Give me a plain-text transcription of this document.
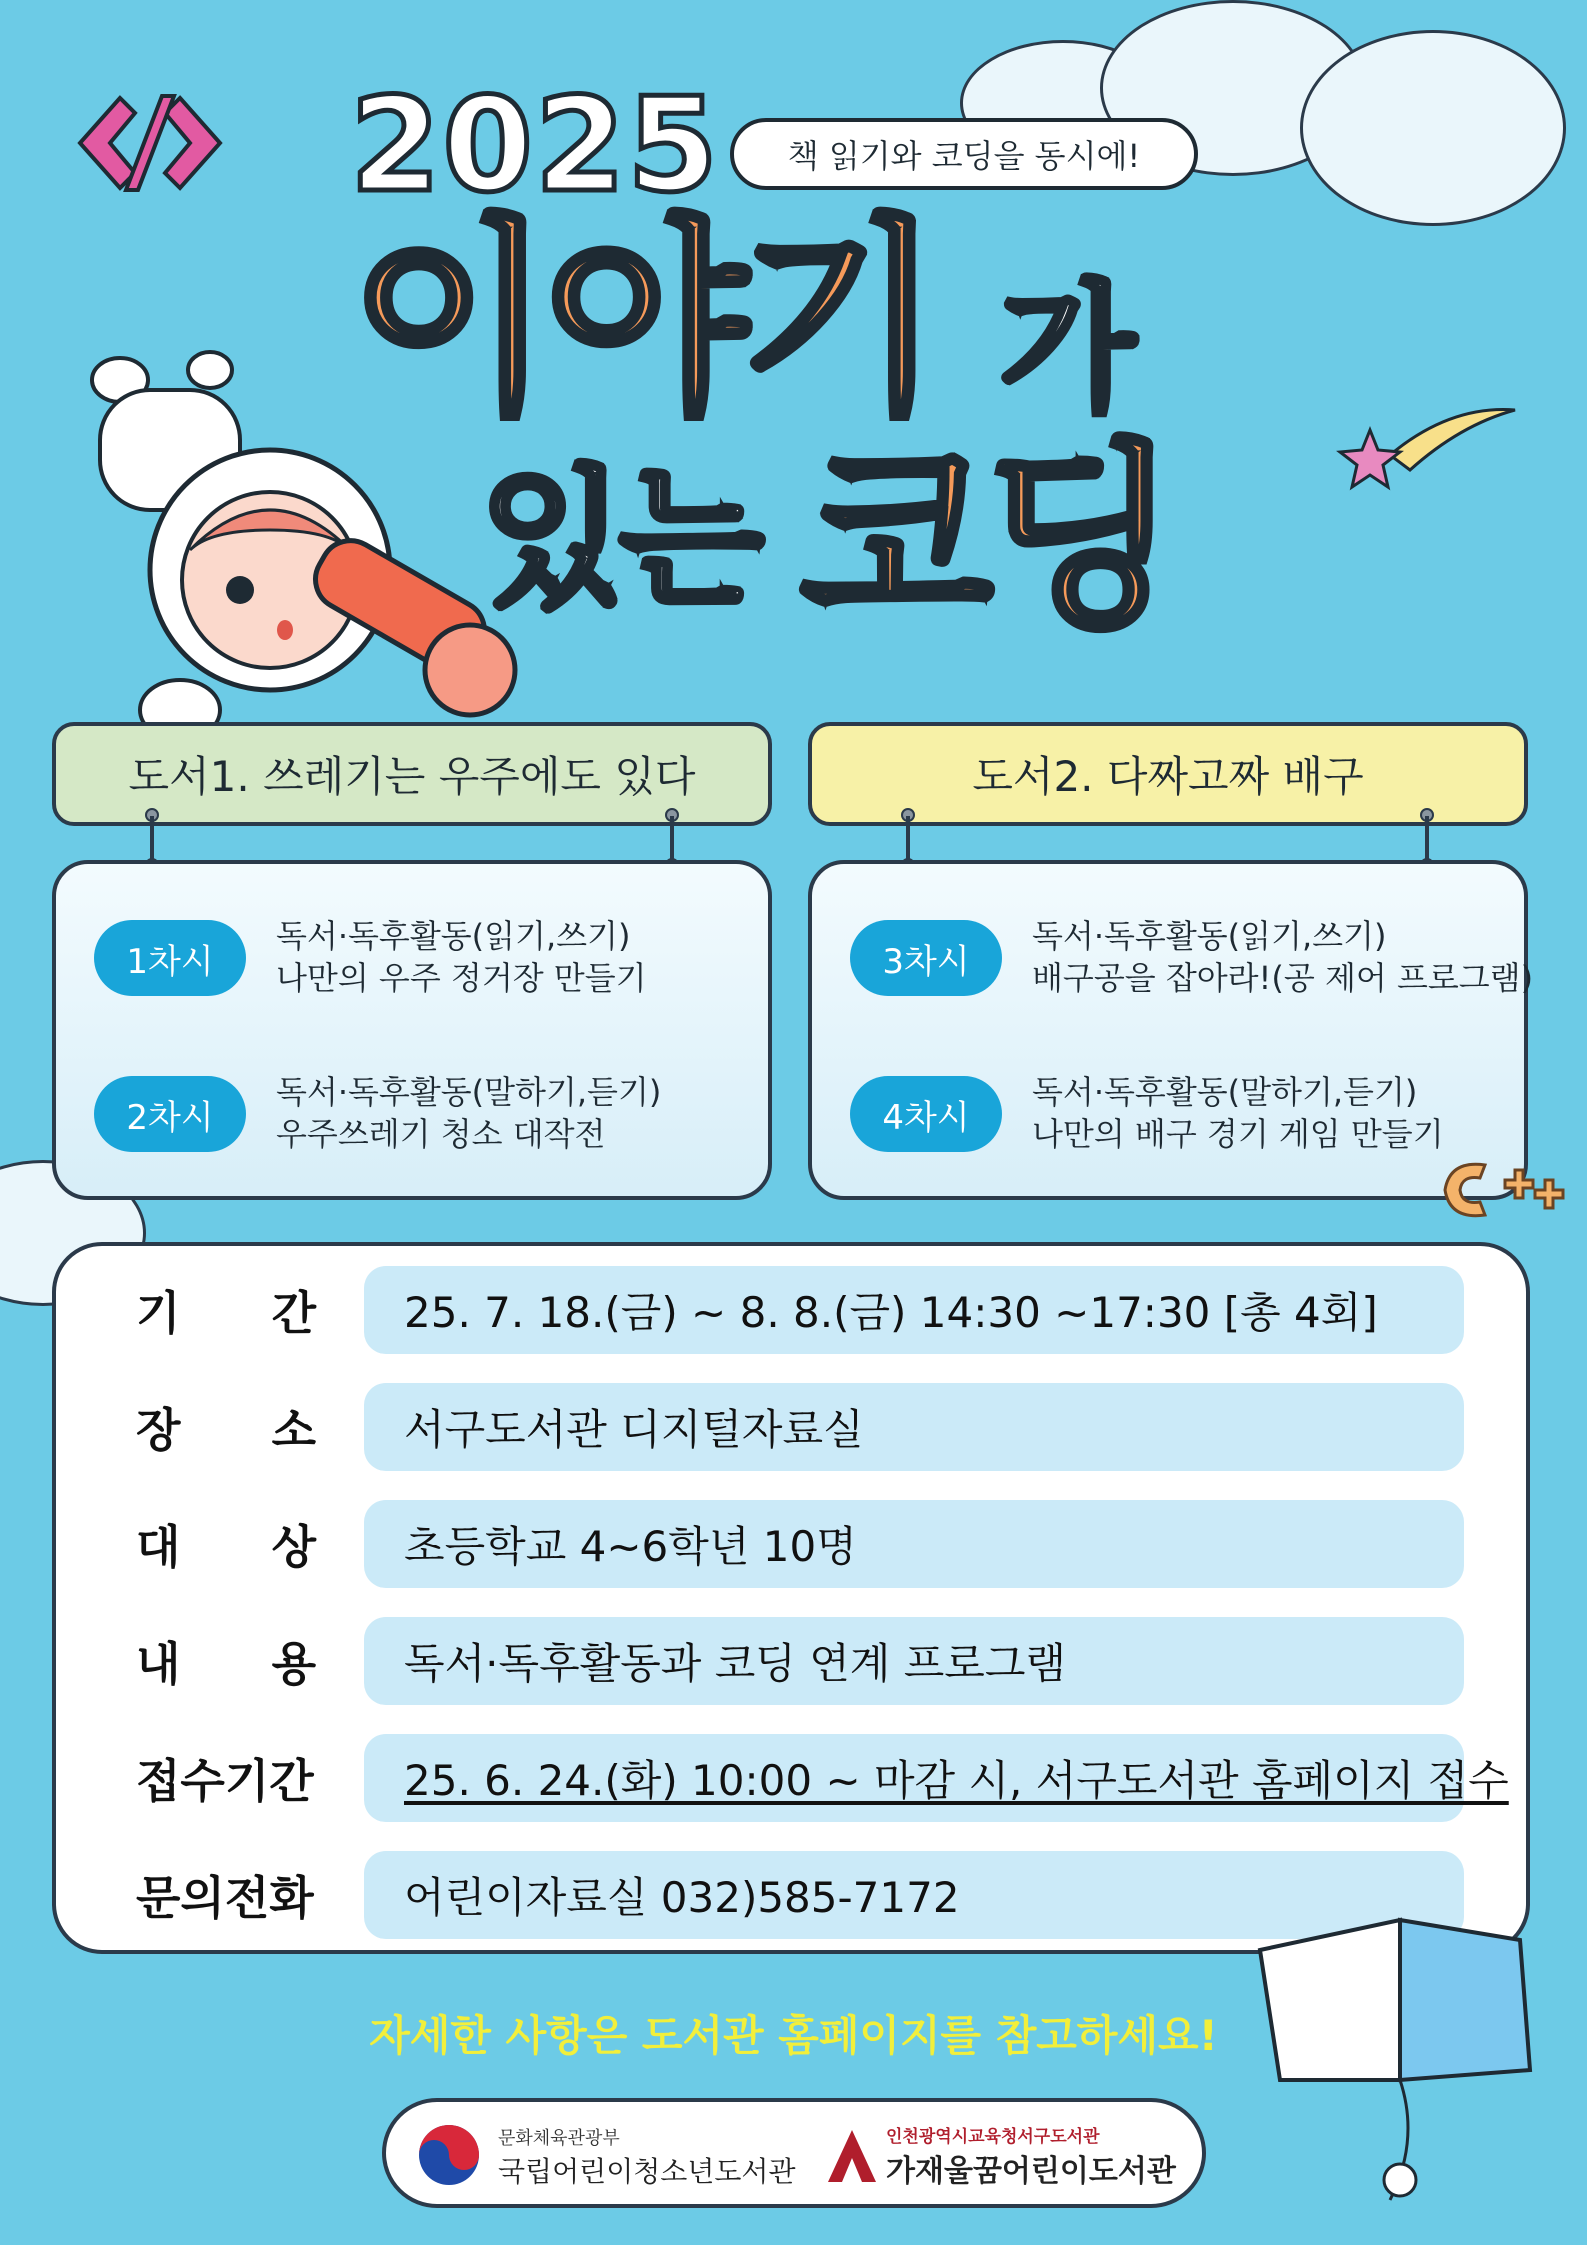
2025	책 읽기와 코딩을 동시에!
이야기 가
있는 코딩
도서1. 쓰레기는 우주에도 있다	도서2. 다짜고짜 배구
1차시
독서·독후활동(읽기,쓰기)
나만의 우주 정거장 만들기
2차시
독서·독후활동(말하기,듣기)
우주쓰레기 청소 대작전
3차시
독서·독후활동(읽기,쓰기)
배구공을 잡아라!(공 제어 프로그램)
4차시
독서·독후활동(말하기,듣기)
나만의 배구 경기 게임 만들기
기 간	25. 7. 18.(금) ~ 8. 8.(금) 14:30 ~17:30 [총 4회]
장 소	서구도서관 디지털자료실
대 상	초등학교 4~6학년 10명
내 용	독서·독후활동과 코딩 연계 프로그램
접수기간 25. 6. 24.(화) 10:00 ~ 마감 시, 서구도서관 홈페이지 접수
문의전화	어린이자료실 032)585-7172
자세한 사항은 도서관 홈페이지를 참고하세요!
문화체육관광부
국립어린이청소년도서관
인천광역시교육청서구도서관
가재울꿈어린이도서관
